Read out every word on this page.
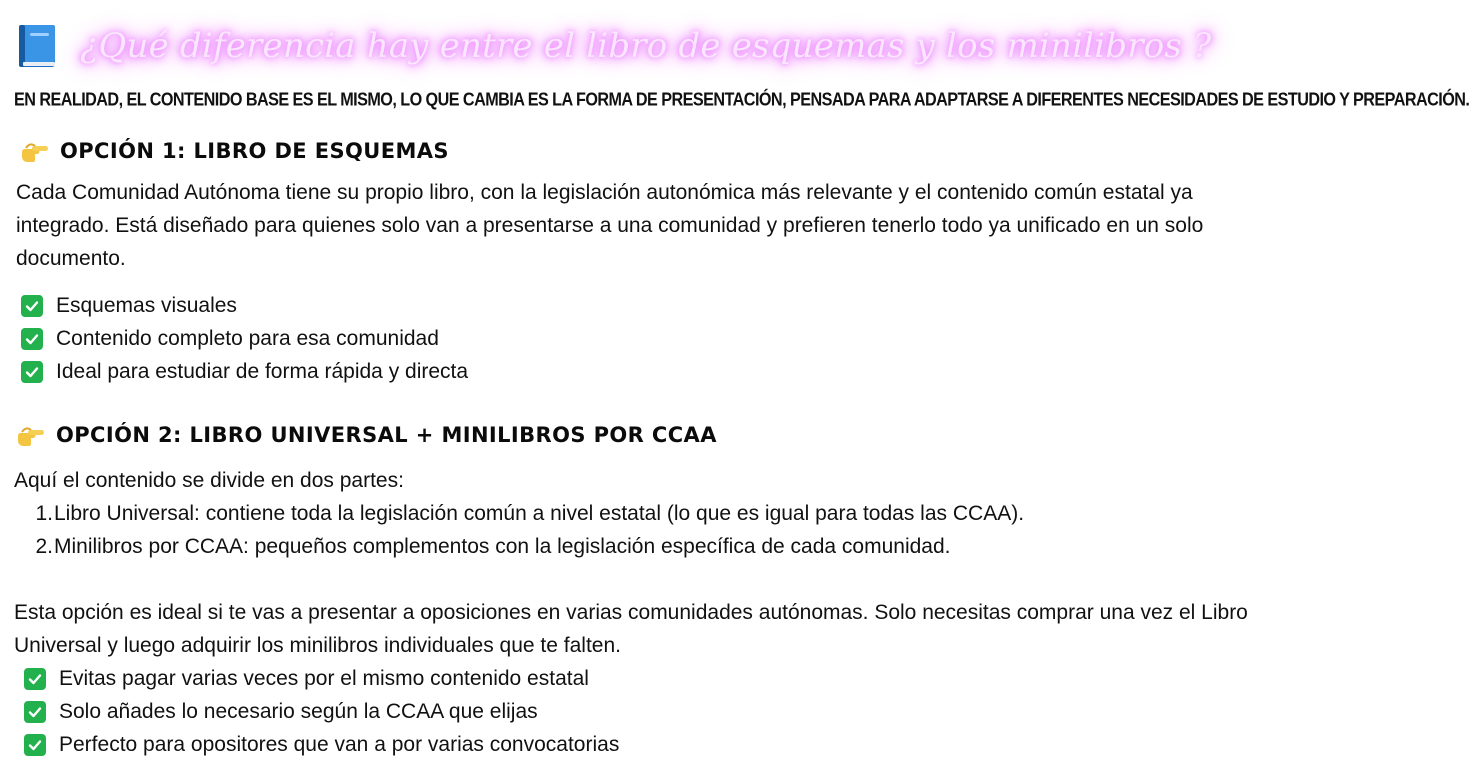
¿Qué diferencia hay entre el libro de esquemas y los minilibros ?
EN REALIDAD, EL CONTENIDO BASE ES EL MISMO, LO QUE CAMBIA ES LA FORMA DE PRESENTACIÓN, PENSADA PARA ADAPTARSE A DIFERENTES NECESIDADES DE ESTUDIO Y PREPARACIÓN.
OPCIÓN 1: LIBRO DE ESQUEMAS
Cada Comunidad Autónoma tiene su propio libro, con la legislación autonómica más relevante y el contenido común estatal ya integrado. Está diseñado para quienes solo van a presentarse a una comunidad y prefieren tenerlo todo ya unificado en un solo documento.
Esquemas visuales
Contenido completo para esa comunidad
Ideal para estudiar de forma rápida y directa
OPCIÓN 2: LIBRO UNIVERSAL + MINILIBROS POR CCAA
Aquí el contenido se divide en dos partes:
1. Libro Universal: contiene toda la legislación común a nivel estatal (lo que es igual para todas las CCAA).
2. Minilibros por CCAA: pequeños complementos con la legislación específica de cada comunidad.
Esta opción es ideal si te vas a presentar a oposiciones en varias comunidades autónomas. Solo necesitas comprar una vez el Libro Universal y luego adquirir los minilibros individuales que te falten.
Evitas pagar varias veces por el mismo contenido estatal
Solo añades lo necesario según la CCAA que elijas
Perfecto para opositores que van a por varias convocatorias
